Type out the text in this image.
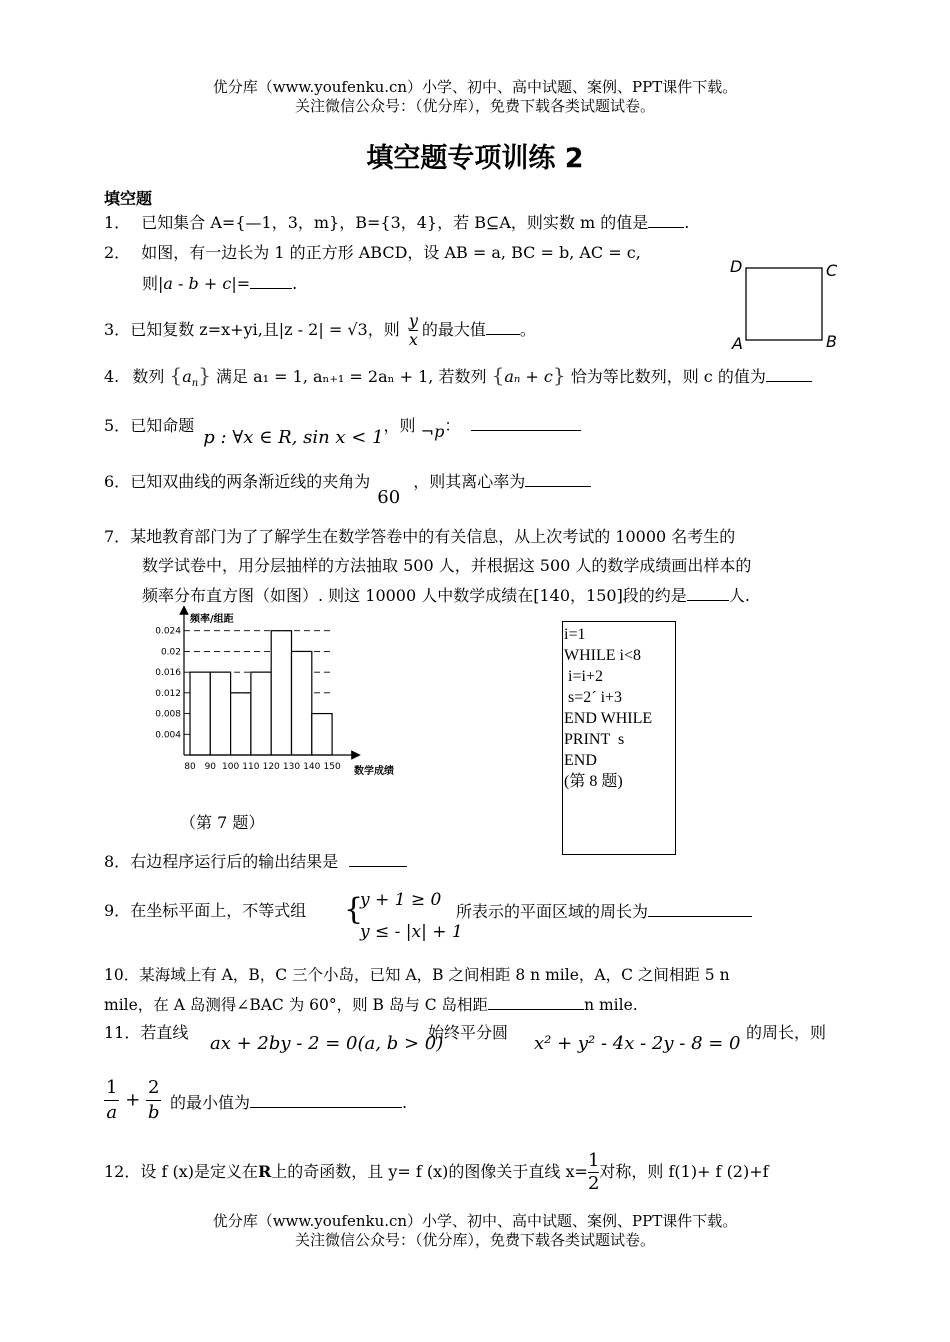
优分库（www.youfenku.cn）小学、初中、高中试题、案例、PPT课件下载。
关注微信公众号：（优分库），免费下载各类试题试卷。
填空题专项训练 2
填空题
1． 已知集合 A={—1，3，m}，B={3，4}，若 B⊆A，则实数 m 的值是 .
2． 如图，有一边长为 1 的正方形 ABCD，设 AB = a, BC = b, AC = c,
则|a - b + c|=	.
D	C
A	B
3．已知复数 z=x+yi,且|z - 2| = √3，则 $\frac{y}{x}$ 的最大值 。
4. 数列 $\{a_n\}$ 满足 a₁ = 1, aₙ₊₁ = 2aₙ + 1, 若数列 {aₙ + c} 恰为等比数列，则 c 的值为
5．已知命题 p : ∀x ∈ R, sin x < 1，则 ¬p：
6．已知双曲线的两条渐近线的夹角为 60 ，则其离心率为
7．某地教育部门为了了解学生在数学答卷中的有关信息，从上次考试的 10000 名考生的
数学试卷中，用分层抽样的方法抽取 500 人，并根据这 500 人的数学成绩画出样本的
频率分布直方图（如图）. 则这 10000 人中数学成绩在[140，150]段的约是	人.
0.024
0.02
0.016
0.012
0.008
0.004
80 90 100 110 120 130 140 150
频率/组距
数学成绩
（第 7 题）
i=1
WHILE i<8
i=i+2
s=2´ i+3
END WHILE
PRINT  s
END
(第 8 题)
8．右边程序运行后的输出结果是
9．在坐标平面上，不等式组 {
y + 1 ≥ 0
y ≤ - |x| + 1
所表示的平面区域的周长为
10．某海域上有 A，B，C 三个小岛，已知 A，B 之间相距 8 n mile，A，C 之间相距 5 n
mile，在 A 岛测得∠BAC 为 60°，则 B 岛与 C 岛相距	n mile.
11．若直线
ax + 2by - 2 = 0(a, b > 0)
始终平分圆
x² + y² - 4x - 2y - 8 = 0
的周长，则
$\frac{1}{a} + \frac{2}{b}$ 的最小值为	.
12．设 f (x)是定义在R上的奇函数，且 y= f (x)的图像关于直线 $x= \frac{1}{2}$ 对称，则 f(1)+ f (2)+f
优分库（www.youfenku.cn）小学、初中、高中试题、案例、PPT课件下载。
关注微信公众号：（优分库），免费下载各类试题试卷。
